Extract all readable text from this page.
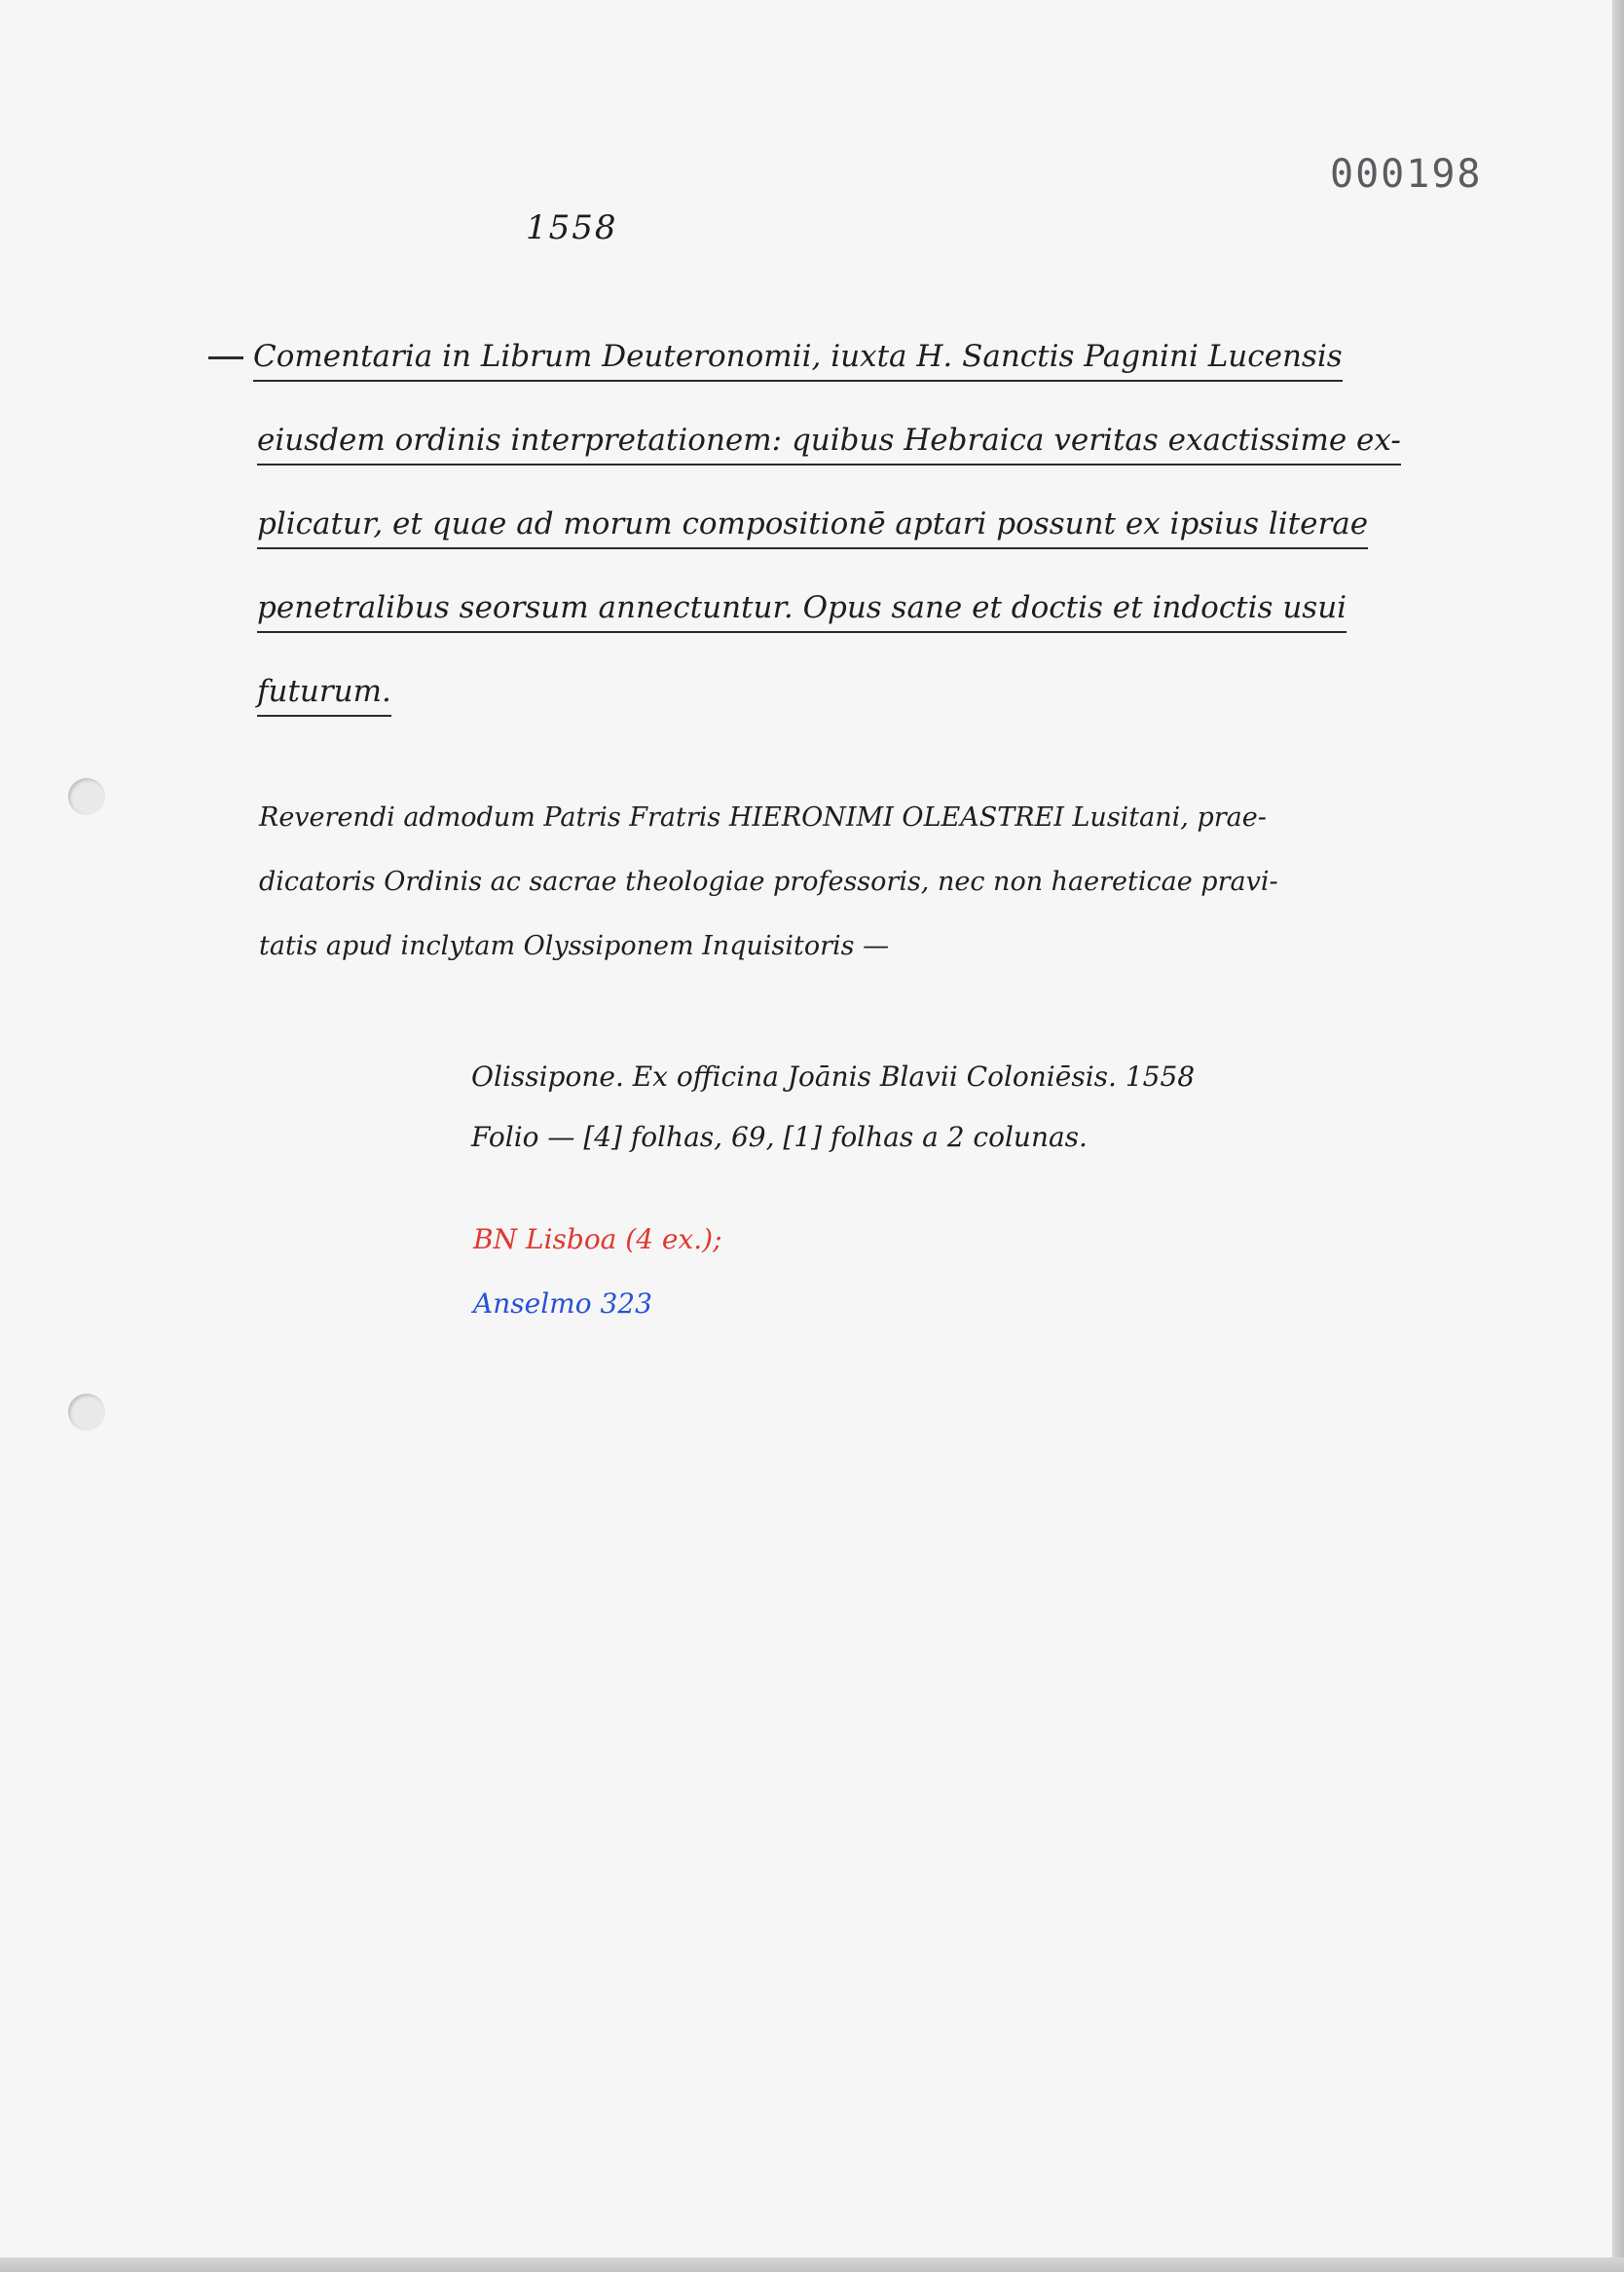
000198
1558
Comentaria in Librum Deuteronomii, iuxta H. Sanctis Pagnini Lucensis
eiusdem ordinis interpretationem: quibus Hebraica veritas exactissime ex-
plicatur, et quae ad morum compositionē aptari possunt ex ipsius literae
penetralibus seorsum annectuntur. Opus sane et doctis et indoctis usui
futurum.
Reverendi admodum Patris Fratris HIERONIMI OLEASTREI Lusitani, prae-
dicatoris Ordinis ac sacrae theologiae professoris, nec non haereticae pravi-
tatis apud inclytam Olyssiponem Inquisitoris —
Olissipone. Ex officina Joānis Blavii Coloniēsis. 1558
Folio — [4] folhas, 69, [1] folhas a 2 colunas.
BN Lisboa (4 ex.);
Anselmo 323
